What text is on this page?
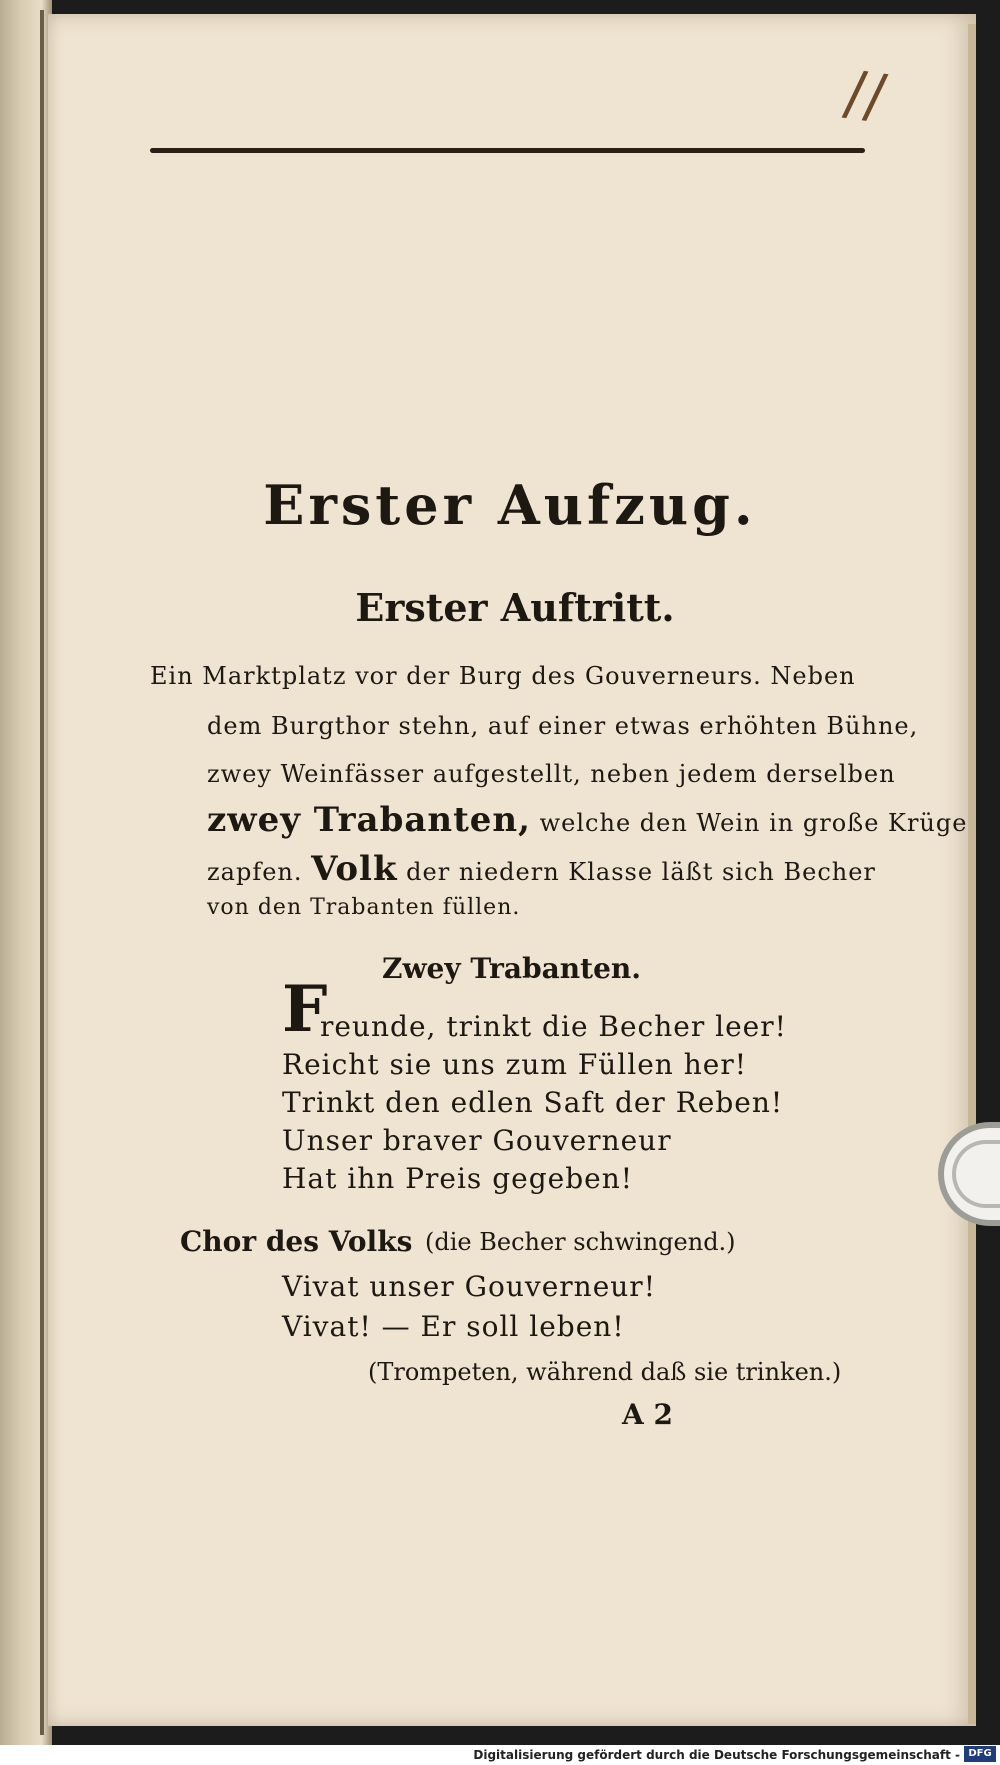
//
Erster Aufzug.
Erster Auftritt.
Ein Marktplatz vor der Burg des Gouverneurs. Neben
dem Burgthor stehn, auf einer etwas erhöhten Bühne,
zwey Weinfässer aufgestellt, neben jedem derselben
zwey Trabanten, welche den Wein in große Krüge
zapfen. Volk der niedern Klasse läßt sich Becher
von den Trabanten füllen.
Zwey Trabanten.
F
reunde, trinkt die Becher leer!
Reicht sie uns zum Füllen her!
Trinkt den edlen Saft der Reben!
Unser braver Gouverneur
Hat ihn Preis gegeben!
Chor des Volks (die Becher schwingend.)
Vivat unser Gouverneur!
Vivat! — Er soll leben!
(Trompeten, während daß sie trinken.)
A 2
Digitalisierung gefördert durch die Deutsche Forschungsgemeinschaft - DFG
